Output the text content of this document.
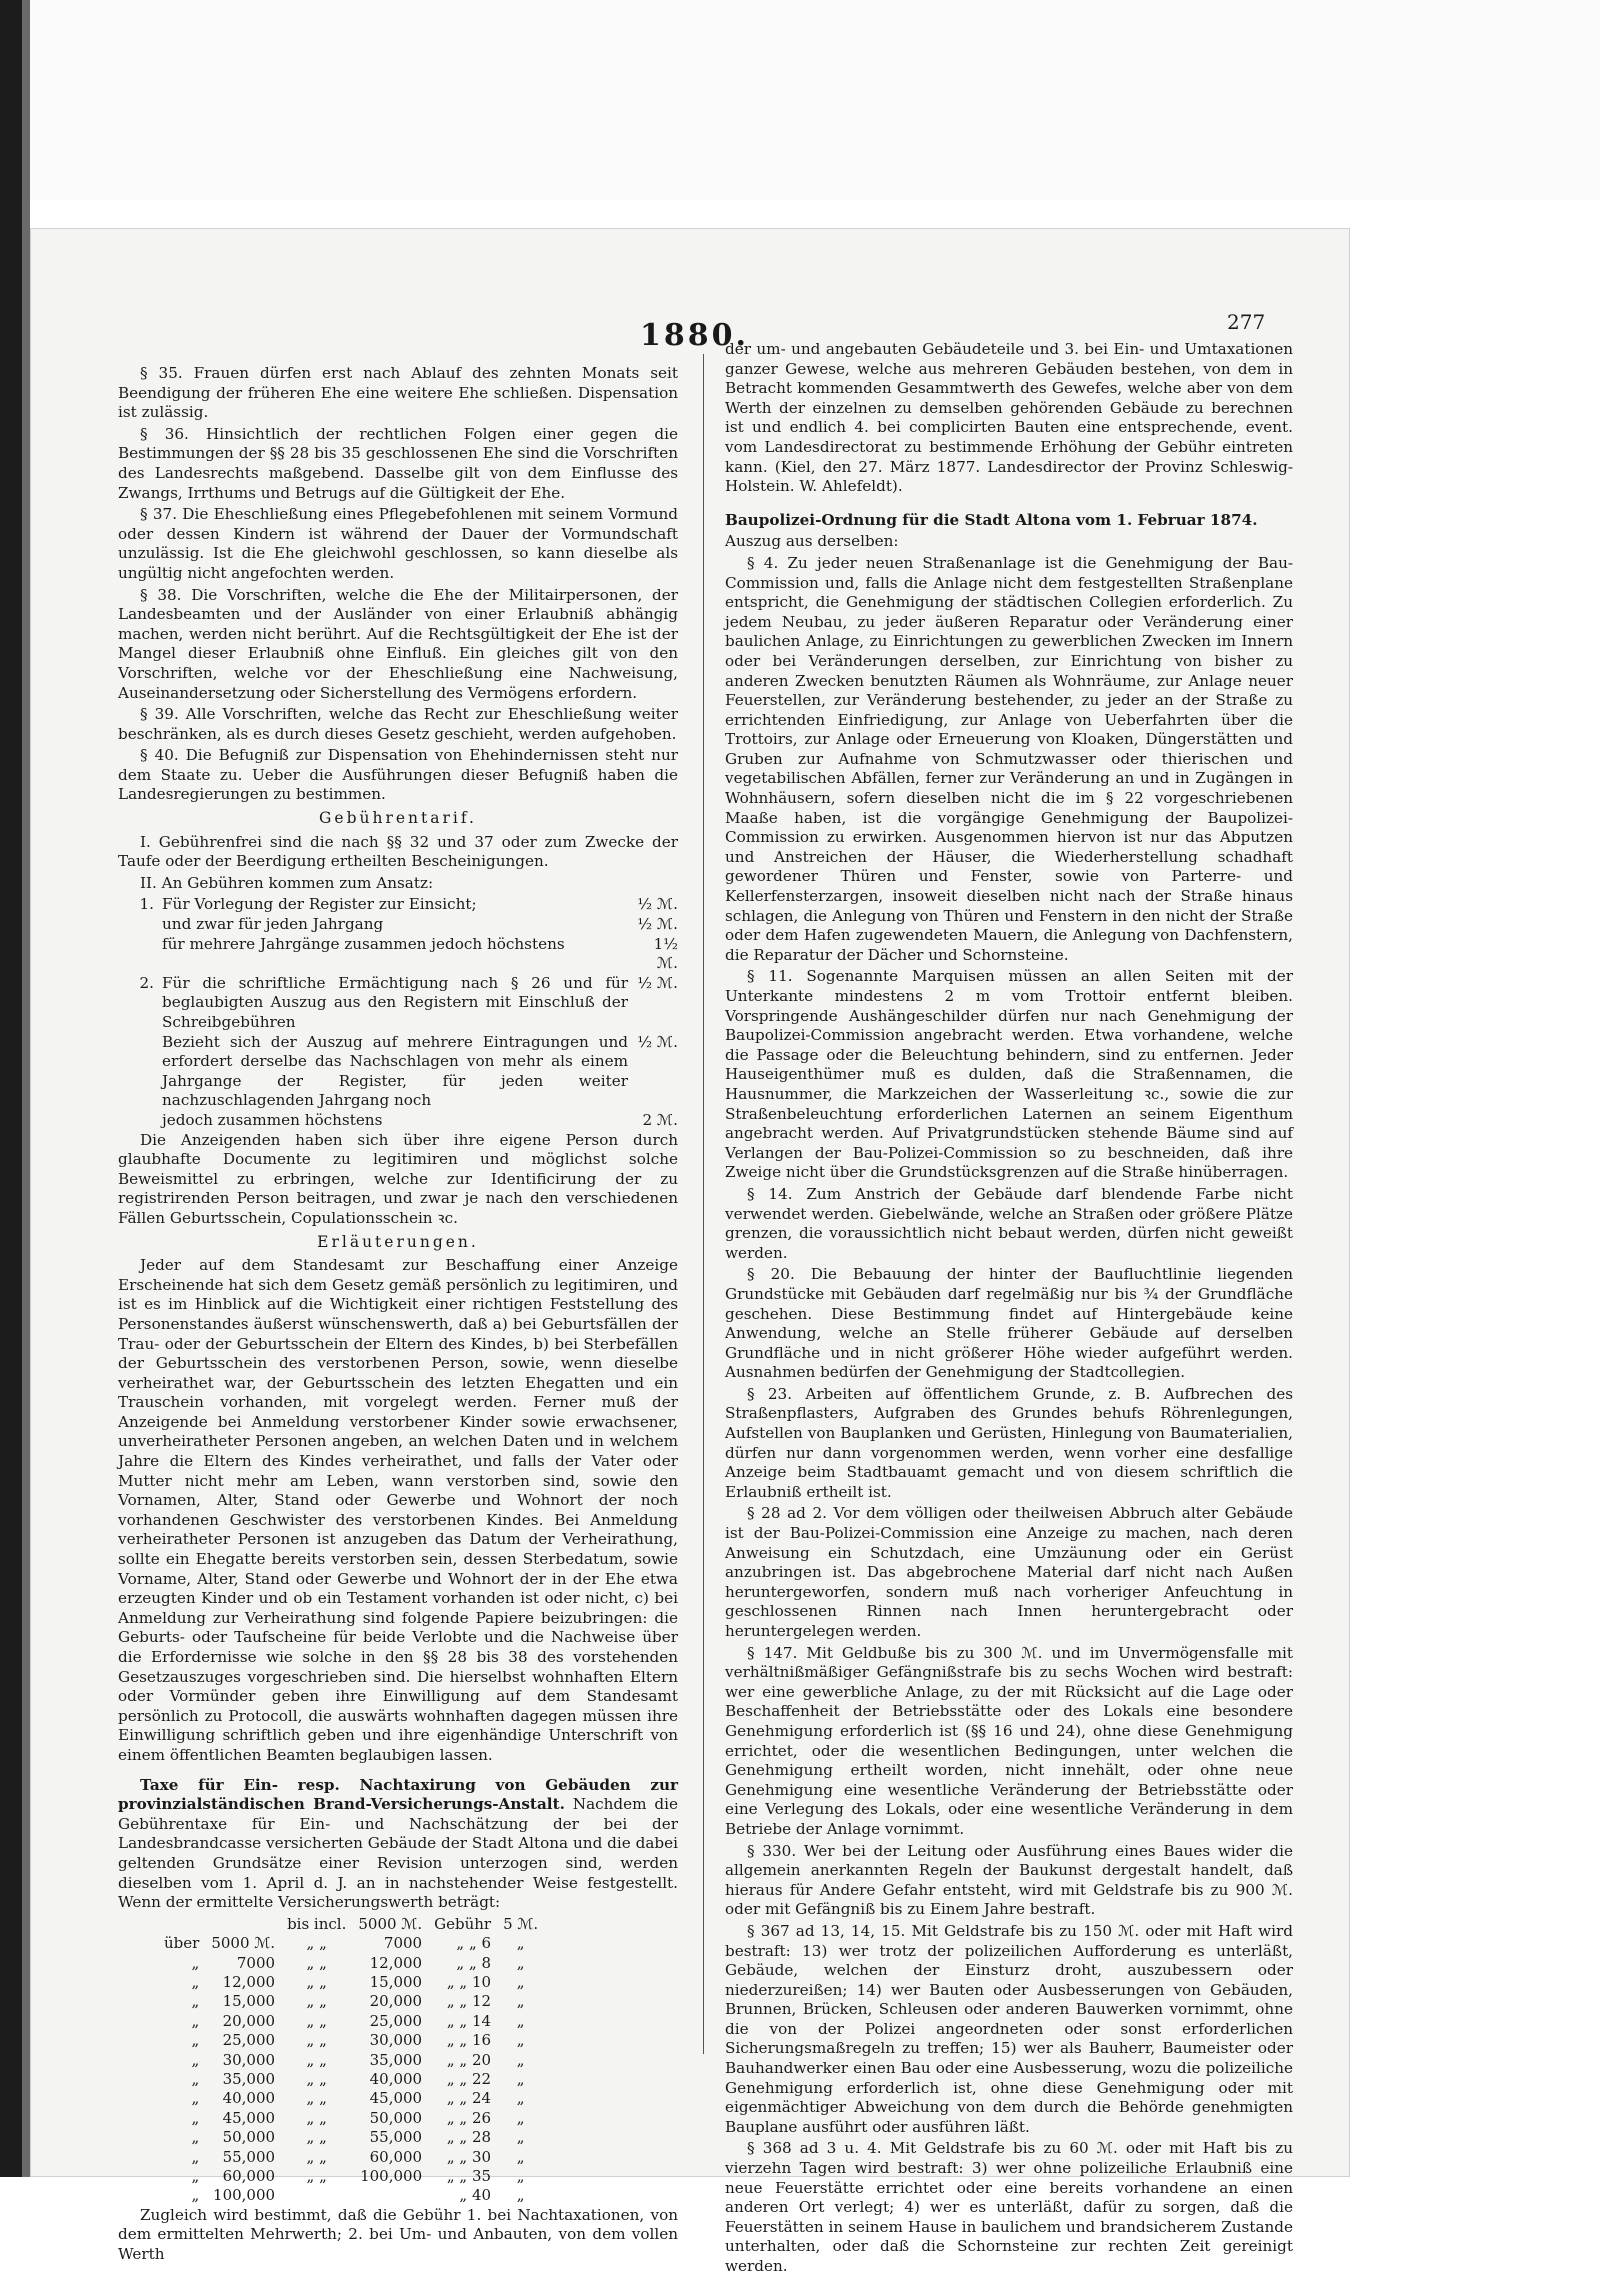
1880.	277

§ 35. Frauen dürfen erst nach Ablauf des zehnten Monats seit Beendigung der früheren Ehe eine weitere Ehe schließen. Dispensation ist zulässig.

§ 36. Hinsichtlich der rechtlichen Folgen einer gegen die Bestimmungen der §§ 28 bis 35 geschlossenen Ehe sind die Vorschriften des Landesrechts maßgebend. Dasselbe gilt von dem Einflusse des Zwangs, Irrthums und Betrugs auf die Gültigkeit der Ehe.

§ 37. Die Eheschließung eines Pflegebefohlenen mit seinem Vormund oder dessen Kindern ist während der Dauer der Vormundschaft unzulässig. Ist die Ehe gleichwohl geschlossen, so kann dieselbe als ungültig nicht angefochten werden.

§ 38. Die Vorschriften, welche die Ehe der Militairpersonen, der Landesbeamten und der Ausländer von einer Erlaubniß abhängig machen, werden nicht berührt. Auf die Rechtsgültigkeit der Ehe ist der Mangel dieser Erlaubniß ohne Einfluß. Ein gleiches gilt von den Vorschriften, welche vor der Eheschließung eine Nachweisung, Auseinandersetzung oder Sicherstellung des Vermögens erfordern.

§ 39. Alle Vorschriften, welche das Recht zur Eheschließung weiter beschränken, als es durch dieses Gesetz geschieht, werden aufgehoben.

§ 40. Die Befugniß zur Dispensation von Ehehindernissen steht nur dem Staate zu. Ueber die Ausführungen dieser Befugniß haben die Landesregierungen zu bestimmen.

Gebührentarif.

I. Gebührenfrei sind die nach §§ 32 und 37 oder zum Zwecke der Taufe oder der Beerdigung ertheilten Bescheinigungen.

II. An Gebühren kommen zum Ansatz:

1. Für Vorlegung der Register zur Einsicht;	½ ℳ.
und zwar für jeden Jahrgang	½ ℳ.
für mehrere Jahrgänge zusammen jedoch höchstens	1½ ℳ.
2. Für die schriftliche Ermächtigung nach § 26 und für beglaubigten Auszug aus den Registern mit Einschluß der Schreibgebühren
½ ℳ.
Bezieht sich der Auszug auf mehrere Eintragungen und erfordert derselbe das Nachschlagen von mehr als einem Jahrgange der Register, für jeden weiter nachzuschlagenden Jahrgang noch
½ ℳ.
jedoch zusammen höchstens	2 ℳ.

Die Anzeigenden haben sich über ihre eigene Person durch glaubhafte Documente zu legitimiren und möglichst solche Beweismittel zu erbringen, welche zur Identificirung der zu registrirenden Person beitragen, und zwar je nach den verschiedenen Fällen Geburtsschein, Copulationsschein ꝛc.

Erläuterungen.

Jeder auf dem Standesamt zur Beschaffung einer Anzeige Erscheinende hat sich dem Gesetz gemäß persönlich zu legitimiren, und ist es im Hinblick auf die Wichtigkeit einer richtigen Feststellung des Personenstandes äußerst wünschenswerth, daß a) bei Geburtsfällen der Trau- oder der Geburtsschein der Eltern des Kindes, b) bei Sterbefällen der Geburtsschein des verstorbenen Person, sowie, wenn dieselbe verheirathet war, der Geburtsschein des letzten Ehegatten und ein Trauschein vorhanden, mit vorgelegt werden. Ferner muß der Anzeigende bei Anmeldung verstorbener Kinder sowie erwachsener, unverheiratheter Personen angeben, an welchen Daten und in welchem Jahre die Eltern des Kindes verheirathet, und falls der Vater oder Mutter nicht mehr am Leben, wann verstorben sind, sowie den Vornamen, Alter, Stand oder Gewerbe und Wohnort der noch vorhandenen Geschwister des verstorbenen Kindes. Bei Anmeldung verheiratheter Personen ist anzugeben das Datum der Verheirathung, sollte ein Ehegatte bereits verstorben sein, dessen Sterbedatum, sowie Vorname, Alter, Stand oder Gewerbe und Wohnort der in der Ehe etwa erzeugten Kinder und ob ein Testament vorhanden ist oder nicht, c) bei Anmeldung zur Verheirathung sind folgende Papiere beizubringen: die Geburts- oder Taufscheine für beide Verlobte und die Nachweise über die Erfordernisse wie solche in den §§ 28 bis 38 des vorstehenden Gesetzauszuges vorgeschrieben sind. Die hierselbst wohnhaften Eltern oder Vormünder geben ihre Einwilligung auf dem Standesamt persönlich zu Protocoll, die auswärts wohnhaften dagegen müssen ihre Einwilligung schriftlich geben und ihre eigenhändige Unterschrift von einem öffentlichen Beamten beglaubigen lassen.

Taxe für Ein- resp. Nachtaxirung von Gebäuden zur provinzialständischen Brand-Versicherungs-Anstalt. Nachdem die Gebührentaxe für Ein- und Nachschätzung der bei der Landesbrandcasse versicherten Gebäude der Stadt Altona und die dabei geltenden Grundsätze einer Revision unterzogen sind, werden dieselben vom 1. April d. J. an in nachstehender Weise festgestellt. Wenn der ermittelte Versicherungswerth beträgt:

		bis incl.	5000 ℳ.	Gebühr	5 ℳ.
über	5000 ℳ.	„ „	7000	„ „ 6	„
„	7000	„ „	12,000	„ „ 8	„
„	12,000	„ „	15,000	„ „ 10	„
„	15,000	„ „	20,000	„ „ 12	„
„	20,000	„ „	25,000	„ „ 14	„
„	25,000	„ „	30,000	„ „ 16	„
„	30,000	„ „	35,000	„ „ 20	„
„	35,000	„ „	40,000	„ „ 22	„
„	40,000	„ „	45,000	„ „ 24	„
„	45,000	„ „	50,000	„ „ 26	„
„	50,000	„ „	55,000	„ „ 28	„
„	55,000	„ „	60,000	„ „ 30	„
„	60,000	„ „	100,000	„ „ 35	„
„	100,000			„ 40	„

Zugleich wird bestimmt, daß die Gebühr 1. bei Nachtaxationen, von dem ermittelten Mehrwerth; 2. bei Um- und Anbauten, von dem vollen Werth

der um- und angebauten Gebäudeteile und 3. bei Ein- und Umtaxationen ganzer Gewese, welche aus mehreren Gebäuden bestehen, von dem in Betracht kommenden Gesammtwerth des Gewefes, welche aber von dem Werth der einzelnen zu demselben gehörenden Gebäude zu berechnen ist und endlich 4. bei complicirten Bauten eine entsprechende, event. vom Landesdirectorat zu bestimmende Erhöhung der Gebühr eintreten kann. (Kiel, den 27. März 1877. Landesdirector der Provinz Schleswig-Holstein. W. Ahlefeldt).

Baupolizei-Ordnung für die Stadt Altona vom 1. Februar 1874.

Auszug aus derselben:

§ 4. Zu jeder neuen Straßenanlage ist die Genehmigung der Bau-Commission und, falls die Anlage nicht dem festgestellten Straßenplane entspricht, die Genehmigung der städtischen Collegien erforderlich. Zu jedem Neubau, zu jeder äußeren Reparatur oder Veränderung einer baulichen Anlage, zu Einrichtungen zu gewerblichen Zwecken im Innern oder bei Veränderungen derselben, zur Einrichtung von bisher zu anderen Zwecken benutzten Räumen als Wohnräume, zur Anlage neuer Feuerstellen, zur Veränderung bestehender, zu jeder an der Straße zu errichtenden Einfriedigung, zur Anlage von Ueberfahrten über die Trottoirs, zur Anlage oder Erneuerung von Kloaken, Düngerstätten und Gruben zur Aufnahme von Schmutzwasser oder thierischen und vegetabilischen Abfällen, ferner zur Veränderung an und in Zugängen in Wohnhäusern, sofern dieselben nicht die im § 22 vorgeschriebenen Maaße haben, ist die vorgängige Genehmigung der Baupolizei-Commission zu erwirken. Ausgenommen hiervon ist nur das Abputzen und Anstreichen der Häuser, die Wiederherstellung schadhaft gewordener Thüren und Fenster, sowie von Parterre- und Kellerfensterzargen, insoweit dieselben nicht nach der Straße hinaus schlagen, die Anlegung von Thüren und Fenstern in den nicht der Straße oder dem Hafen zugewendeten Mauern, die Anlegung von Dachfenstern, die Reparatur der Dächer und Schornsteine.

§ 11. Sogenannte Marquisen müssen an allen Seiten mit der Unterkante mindestens 2 m vom Trottoir entfernt bleiben. Vorspringende Aushängeschilder dürfen nur nach Genehmigung der Baupolizei-Commission angebracht werden. Etwa vorhandene, welche die Passage oder die Beleuchtung behindern, sind zu entfernen. Jeder Hauseigenthümer muß es dulden, daß die Straßennamen, die Hausnummer, die Markzeichen der Wasserleitung ꝛc., sowie die zur Straßenbeleuchtung erforderlichen Laternen an seinem Eigenthum angebracht werden. Auf Privatgrundstücken stehende Bäume sind auf Verlangen der Bau-Polizei-Commission so zu beschneiden, daß ihre Zweige nicht über die Grundstücksgrenzen auf die Straße hinüberragen.

§ 14. Zum Anstrich der Gebäude darf blendende Farbe nicht verwendet werden. Giebelwände, welche an Straßen oder größere Plätze grenzen, die voraussichtlich nicht bebaut werden, dürfen nicht geweißt werden.

§ 20. Die Bebauung der hinter der Baufluchtlinie liegenden Grundstücke mit Gebäuden darf regelmäßig nur bis ¾ der Grundfläche geschehen. Diese Bestimmung findet auf Hintergebäude keine Anwendung, welche an Stelle früherer Gebäude auf derselben Grundfläche und in nicht größerer Höhe wieder aufgeführt werden. Ausnahmen bedürfen der Genehmigung der Stadtcollegien.

§ 23. Arbeiten auf öffentlichem Grunde, z. B. Aufbrechen des Straßenpflasters, Aufgraben des Grundes behufs Röhrenlegungen, Aufstellen von Bauplanken und Gerüsten, Hinlegung von Baumaterialien, dürfen nur dann vorgenommen werden, wenn vorher eine desfallige Anzeige beim Stadtbauamt gemacht und von diesem schriftlich die Erlaubniß ertheilt ist.

§ 28 ad 2. Vor dem völligen oder theilweisen Abbruch alter Gebäude ist der Bau-Polizei-Commission eine Anzeige zu machen, nach deren Anweisung ein Schutzdach, eine Umzäunung oder ein Gerüst anzubringen ist. Das abgebrochene Material darf nicht nach Außen heruntergeworfen, sondern muß nach vorheriger Anfeuchtung in geschlossenen Rinnen nach Innen heruntergebracht oder heruntergelegen werden.

§ 147. Mit Geldbuße bis zu 300 ℳ. und im Unvermögensfalle mit verhältnißmäßiger Gefängnißstrafe bis zu sechs Wochen wird bestraft: wer eine gewerbliche Anlage, zu der mit Rücksicht auf die Lage oder Beschaffenheit der Betriebsstätte oder des Lokals eine besondere Genehmigung erforderlich ist (§§ 16 und 24), ohne diese Genehmigung errichtet, oder die wesentlichen Bedingungen, unter welchen die Genehmigung ertheilt worden, nicht innehält, oder ohne neue Genehmigung eine wesentliche Veränderung der Betriebsstätte oder eine Verlegung des Lokals, oder eine wesentliche Veränderung in dem Betriebe der Anlage vornimmt.

§ 330. Wer bei der Leitung oder Ausführung eines Baues wider die allgemein anerkannten Regeln der Baukunst dergestalt handelt, daß hieraus für Andere Gefahr entsteht, wird mit Geldstrafe bis zu 900 ℳ. oder mit Gefängniß bis zu Einem Jahre bestraft.

§ 367 ad 13, 14, 15. Mit Geldstrafe bis zu 150 ℳ. oder mit Haft wird bestraft: 13) wer trotz der polizeilichen Aufforderung es unterläßt, Gebäude, welchen der Einsturz droht, auszubessern oder niederzureißen; 14) wer Bauten oder Ausbesserungen von Gebäuden, Brunnen, Brücken, Schleusen oder anderen Bauwerken vornimmt, ohne die von der Polizei angeordneten oder sonst erforderlichen Sicherungsmaßregeln zu treffen; 15) wer als Bauherr, Baumeister oder Bauhandwerker einen Bau oder eine Ausbesserung, wozu die polizeiliche Genehmigung erforderlich ist, ohne diese Genehmigung oder mit eigenmächtiger Abweichung von dem durch die Behörde genehmigten Bauplane ausführt oder ausführen läßt.

§ 368 ad 3 u. 4. Mit Geldstrafe bis zu 60 ℳ. oder mit Haft bis zu vierzehn Tagen wird bestraft: 3) wer ohne polizeiliche Erlaubniß eine neue Feuerstätte errichtet oder eine bereits vorhandene an einen anderen Ort verlegt; 4) wer es unterläßt, dafür zu sorgen, daß die Feuerstätten in seinem Hause in baulichem und brandsicherem Zustande unterhalten, oder daß die Schornsteine zur rechten Zeit gereinigt werden.
